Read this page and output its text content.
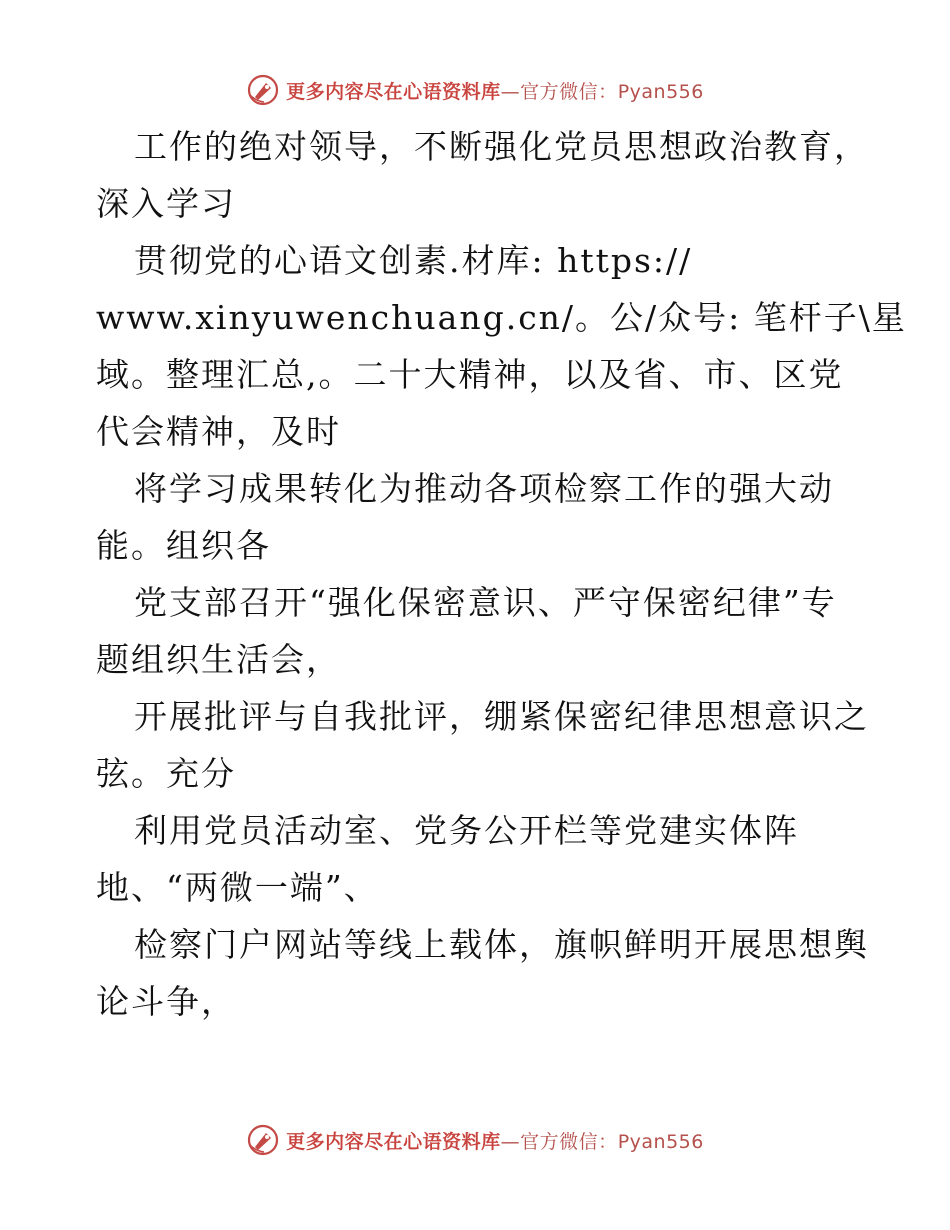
更多内容尽在心语资料库—官方微信：Pyan556
工作的绝对领导，不断强化党员思想政治教育，
深入学习
贯彻党的心语文创素.材库: https://
www.xinyuwenchuang.cn/。公/众号: 笔杆子\星
域。整理汇总,。二十大精神，以及省、市、区党
代会精神，及时
将学习成果转化为推动各项检察工作的强大动
能。组织各
党支部召开“强化保密意识、严守保密纪律”专
题组织生活会，
开展批评与自我批评，绷紧保密纪律思想意识之
弦。充分
利用党员活动室、党务公开栏等党建实体阵
地、“两微一端”、
检察门户网站等线上载体，旗帜鲜明开展思想舆
论斗争，
更多内容尽在心语资料库—官方微信：Pyan556
